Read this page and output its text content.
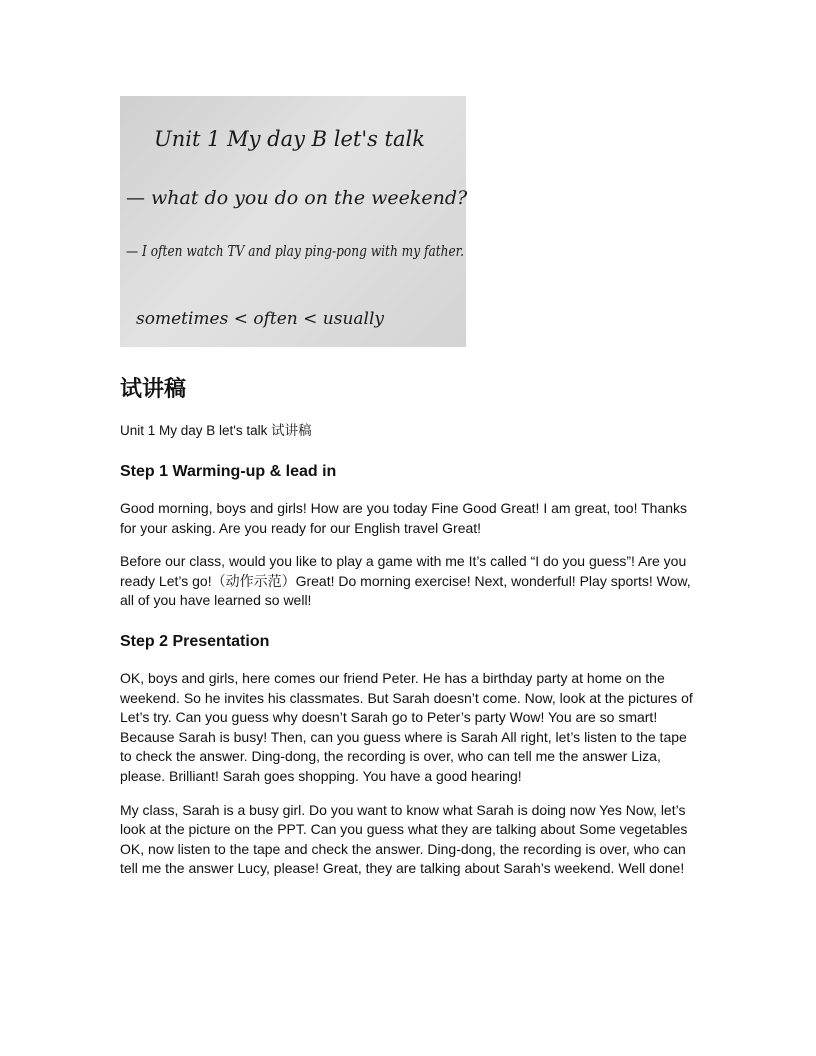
Unit 1 My day B let's talk
— what do you do on the weekend?
— I often watch TV and play ping-pong with my father.
sometimes < often < usually
试讲稿
Unit 1 My day B let's talk 试讲稿
Step 1 Warming-up & lead in

Good morning, boys and girls! How are you today Fine Good Great! I am great, too! Thanks for your asking. Are you ready for our English travel Great!

Before our class, would you like to play a game with me It’s called “I do you guess”! Are you ready Let’s go!（动作示范）Great! Do morning exercise! Next, wonderful! Play sports! Wow, all of you have learned so well!

Step 2 Presentation

OK, boys and girls, here comes our friend Peter. He has a birthday party at home on the weekend. So he invites his classmates. But Sarah doesn’t come. Now, look at the pictures of Let’s try. Can you guess why doesn’t Sarah go to Peter’s party Wow! You are so smart! Because Sarah is busy! Then, can you guess where is Sarah All right, let’s listen to the tape to check the answer. Ding-dong, the recording is over, who can tell me the answer Liza, please. Brilliant! Sarah goes shopping. You have a good hearing!

My class, Sarah is a busy girl. Do you want to know what Sarah is doing now Yes Now, let’s look at the picture on the PPT. Can you guess what they are talking about Some vegetables OK, now listen to the tape and check the answer. Ding-dong, the recording is over, who can tell me the answer Lucy, please! Great, they are talking about Sarah’s weekend. Well done!
